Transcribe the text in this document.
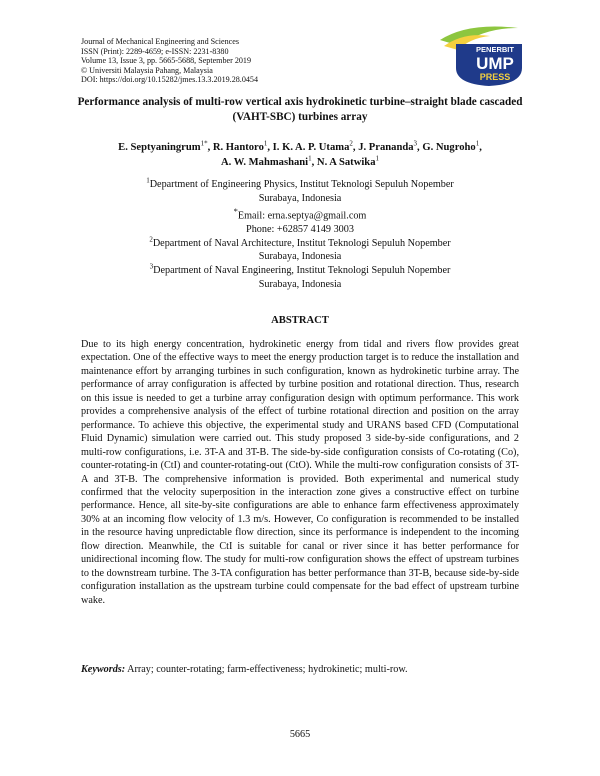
Journal of Mechanical Engineering and Sciences
ISSN (Print): 2289-4659; e-ISSN: 2231-8380
Volume 13, Issue 3, pp. 5665-5688, September 2019
© Universiti Malaysia Pahang, Malaysia
DOI: https://doi.org/10.15282/jmes.13.3.2019.28.0454
PENERBIT
UMP
PRESS
Performance analysis of multi-row vertical axis hydrokinetic turbine–straight blade cascaded (VAHT-SBC) turbines array
E. Septyaningrum$^{1*}$, R. Hantoro$^1$, I. K. A. P. Utama$^2$, J. Prananda$^3$, G. Nugroho$^1$,
A. W. Mahmashani$^1$, N. A Satwika$^1$
$^1$Department of Engineering Physics, Institut Teknologi Sepuluh Nopember
Surabaya, Indonesia
*Email: erna.septya@gmail.com
Phone: +62857 4149 3003
$^2$Department of Naval Architecture, Institut Teknologi Sepuluh Nopember
Surabaya, Indonesia
$^3$Department of Naval Engineering, Institut Teknologi Sepuluh Nopember
Surabaya, Indonesia
ABSTRACT

Due to its high energy concentration, hydrokinetic energy from tidal and rivers flow provides great expectation. One of the effective ways to meet the energy production target is to reduce the installation and maintenance effort by arranging turbines in such configuration, known as hydrokinetic turbine array. The performance of array configuration is affected by turbine position and rotational direction. Thus, research on this issue is needed to get a turbine array configuration design with optimum performance. This work provides a comprehensive analysis of the effect of turbine rotational direction and position on the array performance. To achieve this objective, the experimental study and URANS based CFD (Computational Fluid Dynamic) simulation were carried out. This study proposed 3 side-by-side configurations, and 2 multi-row configurations, i.e. 3T-A and 3T-B. The side-by-side configuration consists of Co-rotating (Co), counter-rotating-in (CtI) and counter-rotating-out (CtO). While the multi-row configuration consists of 3T-A and 3T-B. The comprehensive information is provided. Both experimental and numerical study confirmed that the velocity superposition in the interaction zone gives a constructive effect on turbine performance. Hence, all site-by-site configurations are able to enhance farm effectiveness approximately 30% at an incoming flow velocity of 1.3 m/s. However, Co configuration is recommended to be installed in the resource having unpredictable flow direction, since its performance is independent to the incoming flow direction. Meanwhile, the CtI is suitable for canal or river since it has better performance for unidirectional incoming flow. The study for multi-row configuration shows the effect of upstream turbines to the downstream turbine. The 3-TA configuration has better performance than 3T-B, because side-by-side configuration installation as the upstream turbine could compensate for the bad effect of upstream turbine wake.

Keywords: Array; counter-rotating; farm-effectiveness; hydrokinetic; multi-row.
5665
